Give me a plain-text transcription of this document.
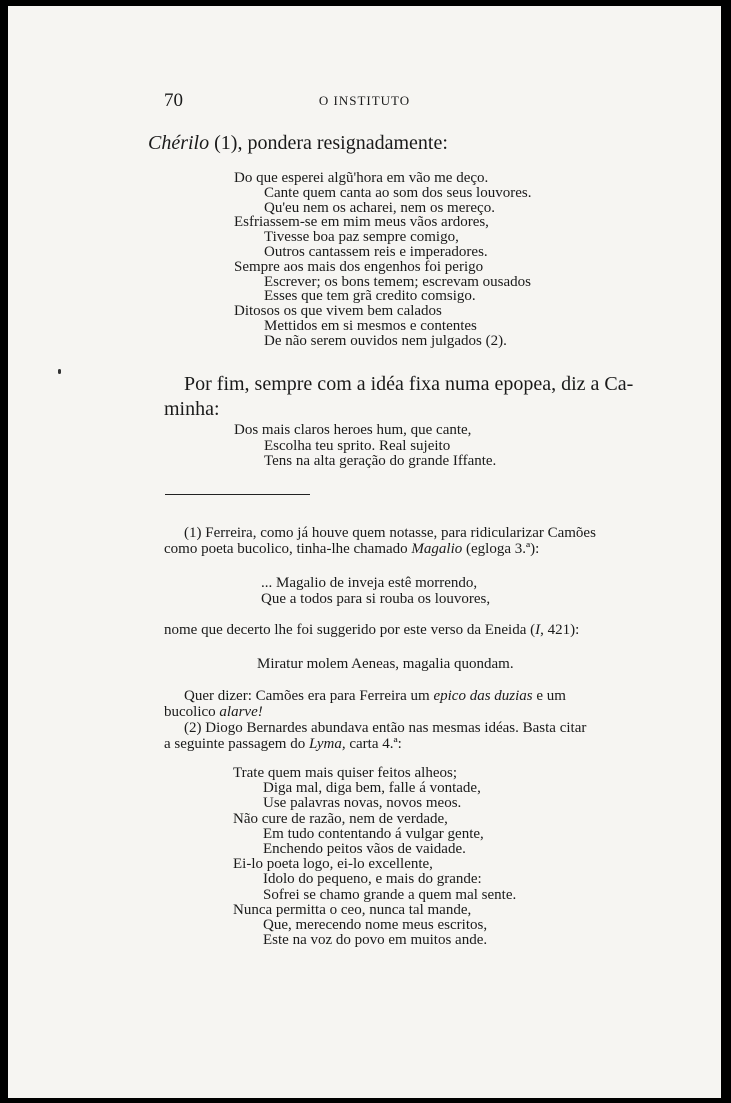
70	O INSTITUTO
Chérilo (1), pondera resignadamente:
Do que esperei algũ'hora em vão me deço.
Cante quem canta ao som dos seus louvores.
Qu'eu nem os acharei, nem os mereço.
Esfriassem-se em mim meus vãos ardores,
Tivesse boa paz sempre comigo,
Outros cantassem reis e imperadores.
Sempre aos mais dos engenhos foi perigo
Escrever; os bons temem; escrevam ousados
Esses que tem grã credito comsigo.
Ditosos os que vivem bem calados
Mettidos em si mesmos e contentes
De não serem ouvidos nem julgados (2).
Por fim, sempre com a idéa fixa numa epopea, diz a Ca-
minha:
Dos mais claros heroes hum, que cante,
Escolha teu sprito. Real sujeito
Tens na alta geração do grande Iffante.
(1) Ferreira, como já houve quem notasse, para ridicularizar Camões
como poeta bucolico, tinha-lhe chamado Magalio (egloga 3.ª):
... Magalio de inveja estê morrendo,
Que a todos para si rouba os louvores,
nome que decerto lhe foi suggerido por este verso da Eneida (I, 421):
Miratur molem Aeneas, magalia quondam.
Quer dizer: Camões era para Ferreira um epico das duzias e um
bucolico alarve!
(2) Diogo Bernardes abundava então nas mesmas idéas. Basta citar
a seguinte passagem do Lyma, carta 4.ª:
Trate quem mais quiser feitos alheos;
Diga mal, diga bem, falle á vontade,
Use palavras novas, novos meos.
Não cure de razão, nem de verdade,
Em tudo contentando á vulgar gente,
Enchendo peitos vãos de vaidade.
Ei-lo poeta logo, ei-lo excellente,
Idolo do pequeno, e mais do grande:
Sofrei se chamo grande a quem mal sente.
Nunca permitta o ceo, nunca tal mande,
Que, merecendo nome meus escritos,
Este na voz do povo em muitos ande.
